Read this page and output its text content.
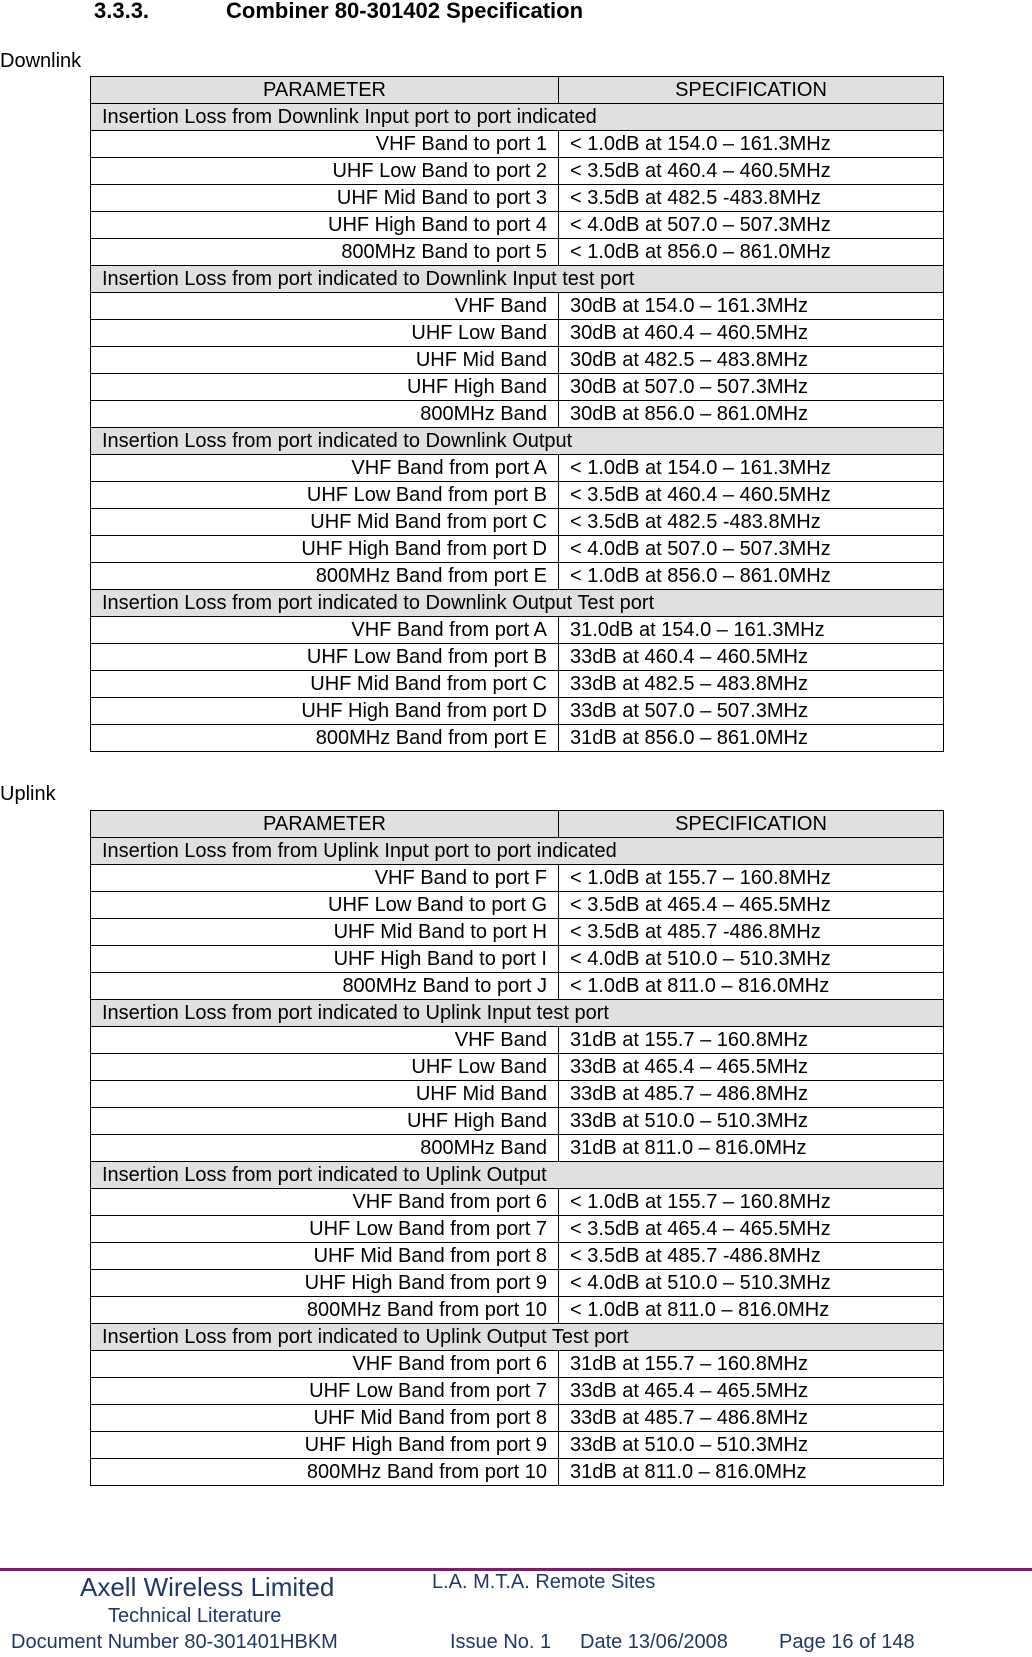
3.3.3.	Combiner 80-301402 Specification
Downlink
PARAMETER	SPECIFICATION
Insertion Loss from Downlink Input port to port indicated	
VHF Band to port 1	< 1.0dB at 154.0 – 161.3MHz
UHF Low Band to port 2	< 3.5dB at 460.4 – 460.5MHz
UHF Mid Band to port 3	< 3.5dB at 482.5 -483.8MHz
UHF High Band to port 4	< 4.0dB at 507.0 – 507.3MHz
800MHz Band to port 5	< 1.0dB at 856.0 – 861.0MHz
Insertion Loss from port indicated to Downlink Input test port	
VHF Band	30dB at 154.0 – 161.3MHz
UHF Low Band	30dB at 460.4 – 460.5MHz
UHF Mid Band	30dB at 482.5 – 483.8MHz
UHF High Band	30dB at 507.0 – 507.3MHz
800MHz Band	30dB at 856.0 – 861.0MHz
Insertion Loss from port indicated to Downlink Output	
VHF Band from port A	< 1.0dB at 154.0 – 161.3MHz
UHF Low Band from port B	< 3.5dB at 460.4 – 460.5MHz
UHF Mid Band from port C	< 3.5dB at 482.5 -483.8MHz
UHF High Band from port D	< 4.0dB at 507.0 – 507.3MHz
800MHz Band from port E	< 1.0dB at 856.0 – 861.0MHz
Insertion Loss from port indicated to Downlink Output Test port	
VHF Band from port A	31.0dB at 154.0 – 161.3MHz
UHF Low Band from port B	33dB at 460.4 – 460.5MHz
UHF Mid Band from port C	33dB at 482.5 – 483.8MHz
UHF High Band from port D	33dB at 507.0 – 507.3MHz
800MHz Band from port E	31dB at 856.0 – 861.0MHz
Uplink
PARAMETER	SPECIFICATION
Insertion Loss from from Uplink Input port to port indicated	
VHF Band to port F	< 1.0dB at 155.7 – 160.8MHz
UHF Low Band to port G	< 3.5dB at 465.4 – 465.5MHz
UHF Mid Band to port H	< 3.5dB at 485.7 -486.8MHz
UHF High Band to port I	< 4.0dB at 510.0 – 510.3MHz
800MHz Band to port J	< 1.0dB at 811.0 – 816.0MHz
Insertion Loss from port indicated to Uplink Input test port	
VHF Band	31dB at 155.7 – 160.8MHz
UHF Low Band	33dB at 465.4 – 465.5MHz
UHF Mid Band	33dB at 485.7 – 486.8MHz
UHF High Band	33dB at 510.0 – 510.3MHz
800MHz Band	31dB at 811.0 – 816.0MHz
Insertion Loss from port indicated to Uplink Output	
VHF Band from port 6	< 1.0dB at 155.7 – 160.8MHz
UHF Low Band from port 7	< 3.5dB at 465.4 – 465.5MHz
UHF Mid Band from port 8	< 3.5dB at 485.7 -486.8MHz
UHF High Band from port 9	< 4.0dB at 510.0 – 510.3MHz
800MHz Band from port 10	< 1.0dB at 811.0 – 816.0MHz
Insertion Loss from port indicated to Uplink Output Test port	
VHF Band from port 6	31dB at 155.7 – 160.8MHz
UHF Low Band from port 7	33dB at 465.4 – 465.5MHz
UHF Mid Band from port 8	33dB at 485.7 – 486.8MHz
UHF High Band from port 9	33dB at 510.0 – 510.3MHz
800MHz Band from port 10	31dB at 811.0 – 816.0MHz
Axell Wireless Limited
Technical Literature
L.A. M.T.A. Remote Sites
Document Number 80-301401HBKM	Issue No. 1 Date 13/06/2008	Page 16 of 148
